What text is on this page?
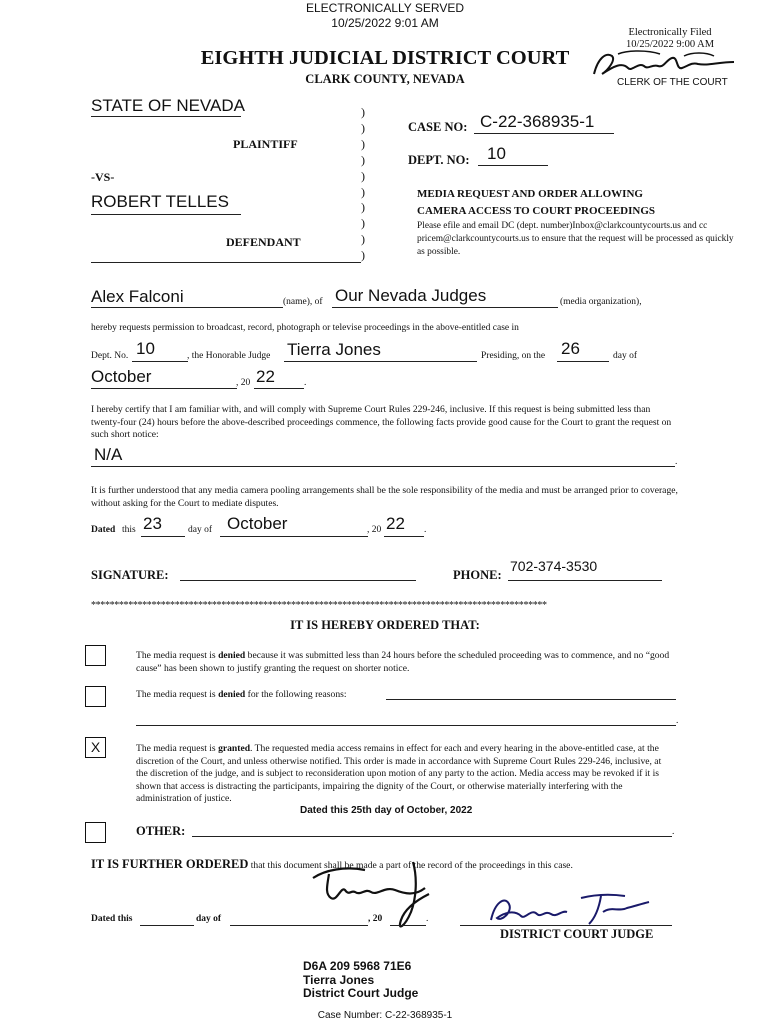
ELECTRONICALLY SERVED
10/25/2022 9:01 AM
Electronically Filed
10/25/2022 9:00 AM
CLERK OF THE COURT
EIGHTH JUDICIAL DISTRICT COURT
CLARK COUNTY, NEVADA
STATE OF NEVADA
PLAINTIFF
-VS-
ROBERT TELLES
DEFENDANT
)
)
)
)
)
)
)
)
)
)
CASE NO: C-22-368935-1
DEPT. NO: 10
MEDIA REQUEST AND ORDER ALLOWING
CAMERA ACCESS TO COURT PROCEEDINGS
Please efile and email DC (dept. number)Inbox@clarkcountycourts.us and cc pricem@clarkcountycourts.us to ensure that the request will be processed as quickly as possible.
Alex Falconi	(name), of Our Nevada Judges	(media organization),
hereby requests permission to broadcast, record, photograph or televise proceedings in the above-entitled case in
Dept. No. 10	, the Honorable Judge Tierra Jones	Presiding, on the 26	day of
October	, 20 22	.
I hereby certify that I am familiar with, and will comply with Supreme Court Rules 229-246, inclusive. If this request is being submitted less than twenty-four (24) hours before the above-described proceedings commence, the following facts provide good cause for the Court to grant the request on such short notice:
N/A	.
It is further understood that any media camera pooling arrangements shall be the sole responsibility of the media and must be arranged prior to coverage, without asking for the Court to mediate disputes.
Dated this 23	day of October	, 20 22 .
SIGNATURE:	PHONE:
702-374-3530
**************************************************************************************************
IT IS HEREBY ORDERED THAT:
The media request is denied because it was submitted less than 24 hours before the scheduled proceeding was to commence, and no “good cause” has been shown to justify granting the request on shorter notice.
The media request is denied for the following reasons:
.
X	The media request is granted. The requested media access remains in effect for each and every hearing in the above-entitled case, at the discretion of the Court, and unless otherwise notified. This order is made in accordance with Supreme Court Rules 229-246, inclusive, at the discretion of the judge, and is subject to reconsideration upon motion of any party to the action. Media access may be revoked if it is shown that access is distracting the participants, impairing the dignity of the Court, or otherwise materially interfering with the administration of justice.
Dated this 25th day of October, 2022
OTHER:	.
IT IS FURTHER ORDERED that this document shall be made a part of the record of the proceedings in this case.
Dated this	day of	, 20	.
DISTRICT COURT JUDGE
D6A 209 5968 71E6
Tierra Jones
District Court Judge
Case Number: C-22-368935-1
